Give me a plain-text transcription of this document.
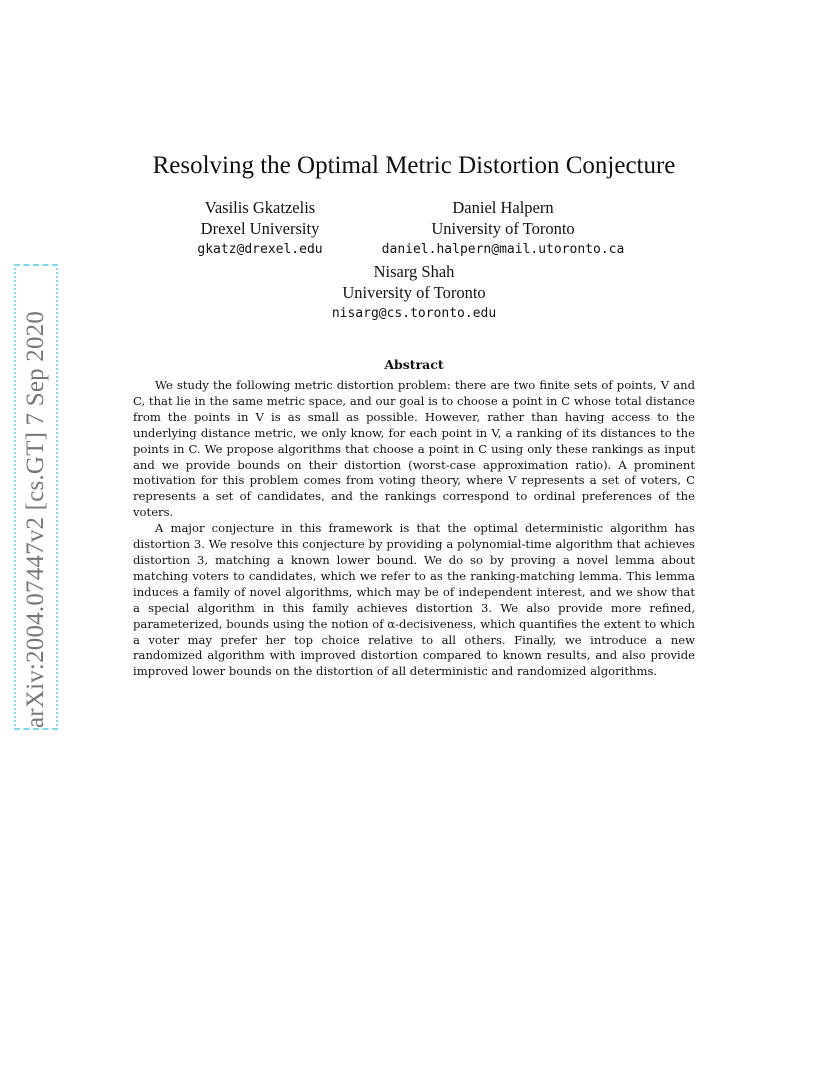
arXiv:2004.07447v2 [cs.GT] 7 Sep 2020
Resolving the Optimal Metric Distortion Conjecture
Vasilis Gkatzelis
Drexel University
gkatz@drexel.edu
Daniel Halpern
University of Toronto
daniel.halpern@mail.utoronto.ca
Nisarg Shah
University of Toronto
nisarg@cs.toronto.edu
Abstract

We study the following metric distortion problem: there are two finite sets of points, V and C, that lie in the same metric space, and our goal is to choose a point in C whose total distance from the points in V is as small as possible. However, rather than having access to the underlying distance metric, we only know, for each point in V, a ranking of its distances to the points in C. We propose algorithms that choose a point in C using only these rankings as input and we provide bounds on their distortion (worst-case approximation ratio). A prominent motivation for this problem comes from voting theory, where V represents a set of voters, C represents a set of candidates, and the rankings correspond to ordinal preferences of the voters.

A major conjecture in this framework is that the optimal deterministic algorithm has distortion 3. We resolve this conjecture by providing a polynomial-time algorithm that achieves distortion 3, matching a known lower bound. We do so by proving a novel lemma about matching voters to candidates, which we refer to as the ranking-matching lemma. This lemma induces a family of novel algorithms, which may be of independent interest, and we show that a special algorithm in this family achieves distortion 3. We also provide more refined, parameterized, bounds using the notion of α-decisiveness, which quantifies the extent to which a voter may prefer her top choice relative to all others. Finally, we introduce a new randomized algorithm with improved distortion compared to known results, and also provide improved lower bounds on the distortion of all deterministic and randomized algorithms.
